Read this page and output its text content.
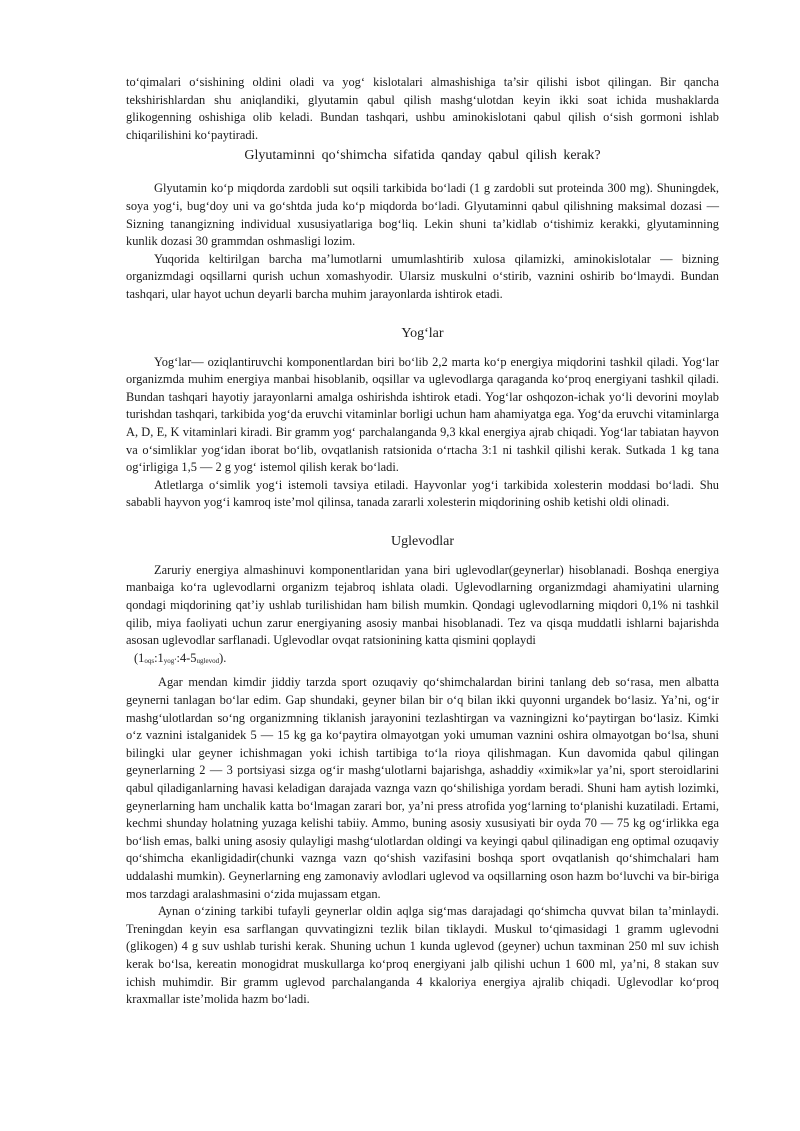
to‘qimalari o‘sishining oldini oladi va yog‘ kislotalari almashishiga ta’sir qilishi isbot qilingan. Bir qancha tekshirishlardan shu aniqlandiki, glyutamin qabul qilish mashg‘ulotdan keyin ikki soat ichida mushaklarda glikogenning oshishiga olib keladi. Bundan tashqari, ushbu aminokislotani qabul qilish o‘sish gormoni ishlab chiqarilishini ko‘paytiradi.

Glyutaminni qo‘shimcha sifatida qanday qabul qilish kerak?

Glyutamin ko‘p miqdorda zardobli sut oqsili tarkibida bo‘ladi (1 g zardobli sut proteinda 300 mg). Shuningdek, soya yog‘i, bug‘doy uni va go‘shtda juda ko‘p miqdorda bo‘ladi. Glyutaminni qabul qilishning maksimal dozasi — Sizning tanangizning individual xususiyatlariga bog‘liq. Lekin shuni ta’kidlab o‘tishimiz kerakki, glyutaminning kunlik dozasi 30 grammdan oshmasligi lozim.

Yuqorida keltirilgan barcha ma’lumotlarni umumlashtirib xulosa qilamizki, aminokislotalar — bizning organizmdagi oqsillarni qurish uchun xomashyodir. Ularsiz muskulni o‘stirib, vaznini oshirib bo‘lmaydi. Bundan tashqari, ular hayot uchun deyarli barcha muhim jarayonlarda ishtirok etadi.

Yog‘lar

Yog‘lar— oziqlantiruvchi komponentlardan biri bo‘lib 2,2 marta ko‘p energiya miqdorini tashkil qiladi. Yog‘lar organizmda muhim energiya manbai hisoblanib, oqsillar va uglevodlarga qaraganda ko‘proq energiyani tashkil qiladi. Bundan tashqari hayotiy jarayonlarni amalga oshirishda ishtirok etadi. Yog‘lar oshqozon-ichak yo‘li devorini moylab turishdan tashqari, tarkibida yog‘da eruvchi vitaminlar borligi uchun ham ahamiyatga ega. Yog‘da eruvchi vitaminlarga A, D, E, K vitaminlari kiradi. Bir gramm yog‘ parchalanganda 9,3 kkal energiya ajrab chiqadi. Yog‘lar tabiatan hayvon va o‘simliklar yog‘idan iborat bo‘lib, ovqatlanish ratsionida o‘rtacha 3:1 ni tashkil qilishi kerak. Sutkada 1 kg tana og‘irligiga 1,5 — 2 g yog‘ istemol qilish kerak bo‘ladi.

Atletlarga o‘simlik yog‘i istemoli tavsiya etiladi. Hayvonlar yog‘i tarkibida xolesterin moddasi bo‘ladi. Shu sababli hayvon yog‘i kamroq iste’mol qilinsa, tanada zararli xolesterin miqdorining oshib ketishi oldi olinadi.

Uglevodlar

Zaruriy energiya almashinuvi komponentlaridan yana biri uglevodlar(geynerlar) hisoblanadi. Boshqa energiya manbaiga ko‘ra uglevodlarni organizm tejabroq ishlata oladi. Uglevodlarning organizmdagi ahamiyatini ularning qondagi miqdorining qat’iy ushlab turilishidan ham bilish mumkin. Qondagi uglevodlarning miqdori 0,1% ni tashkil qilib, miya faoliyati uchun zarur energiyaning asosiy manbai hisoblanadi. Tez va qisqa muddatli ishlarni bajarishda asosan uglevodlar sarflanadi. Uglevodlar ovqat ratsionining katta qismini qoplaydi

(1oqs:1yog‘:4-5uglevod).

Agar mendan kimdir jiddiy tarzda sport ozuqaviy qo‘shimchalardan birini tanlang deb so‘rasa, men albatta geynerni tanlagan bo‘lar edim. Gap shundaki, geyner bilan bir o‘q bilan ikki quyonni urgandek bo‘lasiz. Ya’ni, og‘ir mashg‘ulotlardan so‘ng organizmning tiklanish jarayonini tezlashtirgan va vazningizni ko‘paytirgan bo‘lasiz. Kimki o‘z vaznini istalganidek 5 — 15 kg ga ko‘paytira olmayotgan yoki umuman vaznini oshira olmayotgan bo‘lsa, shuni bilingki ular geyner ichishmagan yoki ichish tartibiga to‘la rioya qilishmagan. Kun davomida qabul qilingan geynerlarning 2 — 3 portsiyasi sizga og‘ir mashg‘ulotlarni bajarishga, ashaddiy «ximik»lar ya’ni, sport steroidlarini qabul qiladiganlarning havasi keladigan darajada vaznga vazn qo‘shilishiga yordam beradi. Shuni ham aytish lozimki, geynerlarning ham unchalik katta bo‘lmagan zarari bor, ya’ni press atrofida yog‘larning to‘planishi kuzatiladi. Ertami, kechmi shunday holatning yuzaga kelishi tabiiy. Ammo, buning asosiy xususiyati bir oyda 70 — 75 kg og‘irlikka ega bo‘lish emas, balki uning asosiy qulayligi mashg‘ulotlardan oldingi va keyingi qabul qilinadigan eng optimal ozuqaviy qo‘shimcha ekanligidadir(chunki vaznga vazn qo‘shish vazifasini boshqa sport ovqatlanish qo‘shimchalari ham uddalashi mumkin). Geynerlarning eng zamonaviy avlodlari uglevod va oqsillarning oson hazm bo‘luvchi va bir-biriga mos tarzdagi aralashmasini o‘zida mujassam etgan.

Aynan o‘zining tarkibi tufayli geynerlar oldin aqlga sig‘mas darajadagi qo‘shimcha quvvat bilan ta’minlaydi. Treningdan keyin esa sarflangan quvvatingizni tezlik bilan tiklaydi. Muskul to‘qimasidagi 1 gramm uglevodni (glikogen) 4 g suv ushlab turishi kerak. Shuning uchun 1 kunda uglevod (geyner) uchun taxminan 250 ml suv ichish kerak bo‘lsa, kereatin monogidrat muskullarga ko‘proq energiyani jalb qilishi uchun 1 600 ml, ya’ni, 8 stakan suv ichish muhimdir. Bir gramm uglevod parchalanganda 4 kkaloriya energiya ajralib chiqadi. Uglevodlar ko‘proq kraxmallar iste’molida hazm bo‘ladi.
